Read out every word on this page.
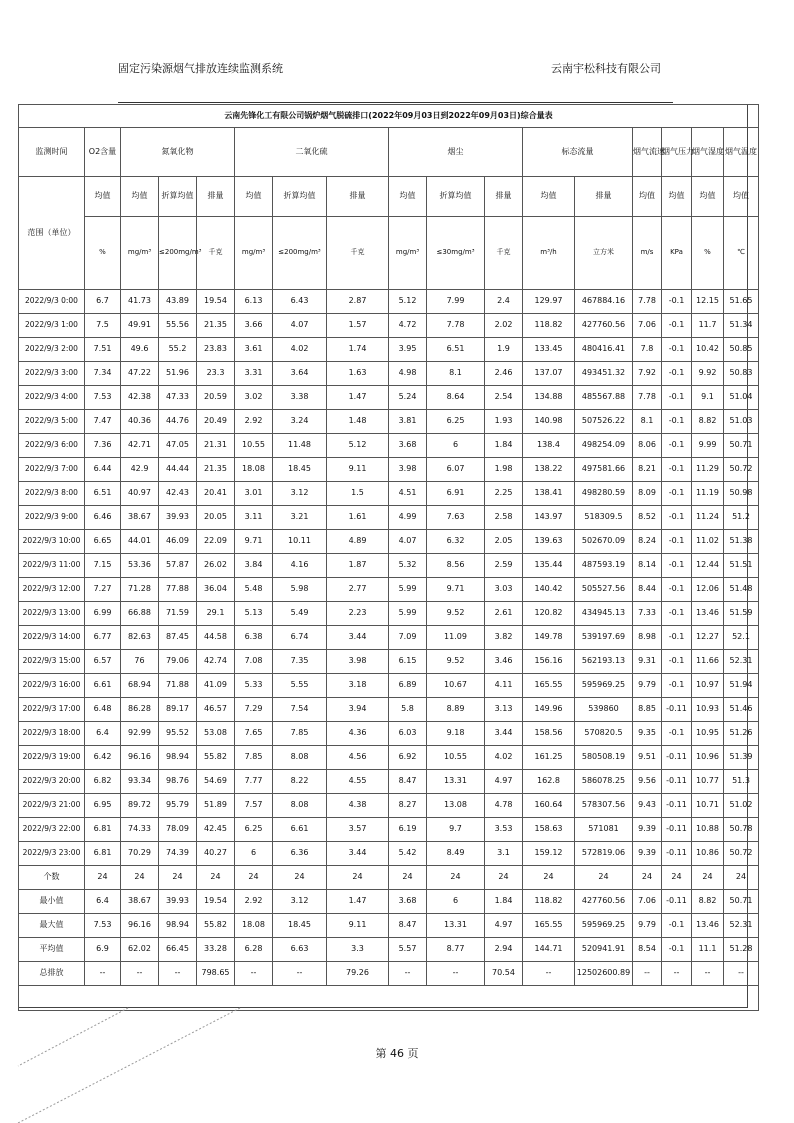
固定污染源烟气排放连续监测系统	云南宇松科技有限公司
云南先锋化工有限公司锅炉烟气脱硫排口(2022年09月03日到2022年09月03日)综合量表																
监测时间	O2含量	氮氧化物			二氧化硫			烟尘			标态流量		烟气流速	烟气压力	烟气湿度	烟气温度
范围（单位）	均值	均值	折算均值	排量	均值	折算均值	排量	均值	折算均值	排量	均值	排量	均值	均值	均值	均值
	%	mg/m³	≤200mg/m³	千克	mg/m³	≤200mg/m³	千克	mg/m³	≤30mg/m³	千克	m³/h	立方米	m/s	KPa	%	℃
2022/9/3 0:00	6.7	41.73	43.89	19.54	6.13	6.43	2.87	5.12	7.99	2.4	129.97	467884.16	7.78	-0.1	12.15	51.65
2022/9/3 1:00	7.5	49.91	55.56	21.35	3.66	4.07	1.57	4.72	7.78	2.02	118.82	427760.56	7.06	-0.1	11.7	51.34
2022/9/3 2:00	7.51	49.6	55.2	23.83	3.61	4.02	1.74	3.95	6.51	1.9	133.45	480416.41	7.8	-0.1	10.42	50.85
2022/9/3 3:00	7.34	47.22	51.96	23.3	3.31	3.64	1.63	4.98	8.1	2.46	137.07	493451.32	7.92	-0.1	9.92	50.83
2022/9/3 4:00	7.53	42.38	47.33	20.59	3.02	3.38	1.47	5.24	8.64	2.54	134.88	485567.88	7.78	-0.1	9.1	51.04
2022/9/3 5:00	7.47	40.36	44.76	20.49	2.92	3.24	1.48	3.81	6.25	1.93	140.98	507526.22	8.1	-0.1	8.82	51.03
2022/9/3 6:00	7.36	42.71	47.05	21.31	10.55	11.48	5.12	3.68	6	1.84	138.4	498254.09	8.06	-0.1	9.99	50.71
2022/9/3 7:00	6.44	42.9	44.44	21.35	18.08	18.45	9.11	3.98	6.07	1.98	138.22	497581.66	8.21	-0.1	11.29	50.72
2022/9/3 8:00	6.51	40.97	42.43	20.41	3.01	3.12	1.5	4.51	6.91	2.25	138.41	498280.59	8.09	-0.1	11.19	50.98
2022/9/3 9:00	6.46	38.67	39.93	20.05	3.11	3.21	1.61	4.99	7.63	2.58	143.97	518309.5	8.52	-0.1	11.24	51.2
2022/9/3 10:00	6.65	44.01	46.09	22.09	9.71	10.11	4.89	4.07	6.32	2.05	139.63	502670.09	8.24	-0.1	11.02	51.38
2022/9/3 11:00	7.15	53.36	57.87	26.02	3.84	4.16	1.87	5.32	8.56	2.59	135.44	487593.19	8.14	-0.1	12.44	51.51
2022/9/3 12:00	7.27	71.28	77.88	36.04	5.48	5.98	2.77	5.99	9.71	3.03	140.42	505527.56	8.44	-0.1	12.06	51.48
2022/9/3 13:00	6.99	66.88	71.59	29.1	5.13	5.49	2.23	5.99	9.52	2.61	120.82	434945.13	7.33	-0.1	13.46	51.59
2022/9/3 14:00	6.77	82.63	87.45	44.58	6.38	6.74	3.44	7.09	11.09	3.82	149.78	539197.69	8.98	-0.1	12.27	52.1
2022/9/3 15:00	6.57	76	79.06	42.74	7.08	7.35	3.98	6.15	9.52	3.46	156.16	562193.13	9.31	-0.1	11.66	52.31
2022/9/3 16:00	6.61	68.94	71.88	41.09	5.33	5.55	3.18	6.89	10.67	4.11	165.55	595969.25	9.79	-0.1	10.97	51.94
2022/9/3 17:00	6.48	86.28	89.17	46.57	7.29	7.54	3.94	5.8	8.89	3.13	149.96	539860	8.85	-0.11	10.93	51.46
2022/9/3 18:00	6.4	92.99	95.52	53.08	7.65	7.85	4.36	6.03	9.18	3.44	158.56	570820.5	9.35	-0.1	10.95	51.26
2022/9/3 19:00	6.42	96.16	98.94	55.82	7.85	8.08	4.56	6.92	10.55	4.02	161.25	580508.19	9.51	-0.11	10.96	51.39
2022/9/3 20:00	6.82	93.34	98.76	54.69	7.77	8.22	4.55	8.47	13.31	4.97	162.8	586078.25	9.56	-0.11	10.77	51.3
2022/9/3 21:00	6.95	89.72	95.79	51.89	7.57	8.08	4.38	8.27	13.08	4.78	160.64	578307.56	9.43	-0.11	10.71	51.02
2022/9/3 22:00	6.81	74.33	78.09	42.45	6.25	6.61	3.57	6.19	9.7	3.53	158.63	571081	9.39	-0.11	10.88	50.78
2022/9/3 23:00	6.81	70.29	74.39	40.27	6	6.36	3.44	5.42	8.49	3.1	159.12	572819.06	9.39	-0.11	10.86	50.72
个数	24	24	24	24	24	24	24	24	24	24	24	24	24	24	24	24
最小值	6.4	38.67	39.93	19.54	2.92	3.12	1.47	3.68	6	1.84	118.82	427760.56	7.06	-0.11	8.82	50.71
最大值	7.53	96.16	98.94	55.82	18.08	18.45	9.11	8.47	13.31	4.97	165.55	595969.25	9.79	-0.1	13.46	52.31
平均值	6.9	62.02	66.45	33.28	6.28	6.63	3.3	5.57	8.77	2.94	144.71	520941.91	8.54	-0.1	11.1	51.28
总排放	--	--	--	798.65	--	--	79.26	--	--	70.54	--	12502600.89	--	--	--	--

第 46 页
